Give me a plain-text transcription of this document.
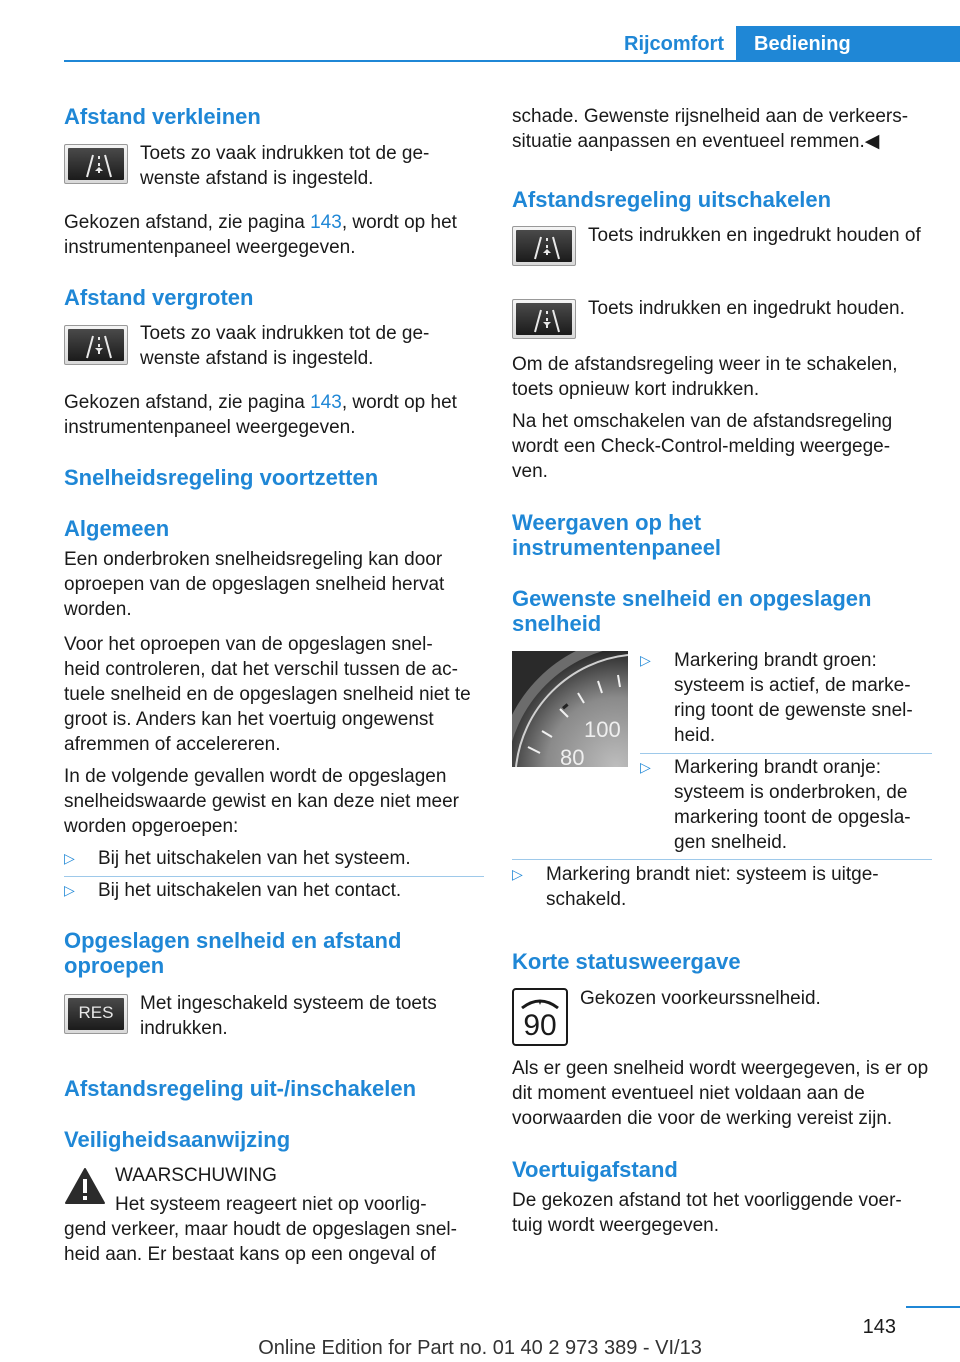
Rijcomfort	Bediening
Afstand verkleinen

Toets zo vaak indrukken tot de ge-
wenste afstand is ingesteld.

Gekozen afstand, zie pagina 143, wordt op het instrumentenpaneel weergegeven.

Afstand vergroten

Toets zo vaak indrukken tot de ge-
wenste afstand is ingesteld.

Gekozen afstand, zie pagina 143, wordt op het instrumentenpaneel weergegeven.

Snelheidsregeling voortzetten
Algemeen

Een onderbroken snelheidsregeling kan door oproepen van de opgeslagen snelheid hervat worden.

Voor het oproepen van de opgeslagen snel-
heid controleren, dat het verschil tussen de ac-
tuele snelheid en de opgeslagen snelheid niet te groot is. Anders kan het voertuig ongewenst afremmen of accelereren.

In de volgende gevallen wordt de opgeslagen snelheidswaarde gewist en kan deze niet meer worden opgeroepen:

▷ Bij het uitschakelen van het systeem.
▷ Bij het uitschakelen van het contact.
Opgeslagen snelheid en afstand oproepen
RES	Met ingeschakeld systeem de toets indrukken.

Afstandsregeling uit-/inschakelen
Veiligheidsaanwijzing

WAARSCHUWING

Het systeem reageert niet op voorlig-
gend verkeer, maar houdt de opgeslagen snel-
heid aan. Er bestaat kans op een ongeval of

schade. Gewenste rijsnelheid aan de verkeers-
situatie aanpassen en eventueel remmen.◀

Afstandsregeling uitschakelen

Toets indrukken en ingedrukt houden of

Toets indrukken en ingedrukt houden.

Om de afstandsregeling weer in te schakelen, toets opnieuw kort indrukken.

Na het omschakelen van de afstandsregeling wordt een Check-Control-melding weergege-
ven.

Weergaven op het instrumentenpaneel
Gewenste snelheid en opgeslagen snelheid
100
80
▷ Markering brandt groen: systeem is actief, de marke-
ring toont de gewenste snel-
heid.
▷ Markering brandt oranje: systeem is onderbroken, de markering toont de opgesla-
gen snelheid.
▷ Markering brandt niet: systeem is uitge-
schakeld.
Korte statusweergave
90

Gekozen voorkeurssnelheid.

Als er geen snelheid wordt weergegeven, is er op dit moment eventueel niet voldaan aan de voorwaarden die voor de werking vereist zijn.

Voertuigafstand

De gekozen afstand tot het voorliggende voer-
tuig wordt weergegeven.

143
Online Edition for Part no. 01 40 2 973 389 - VI/13
